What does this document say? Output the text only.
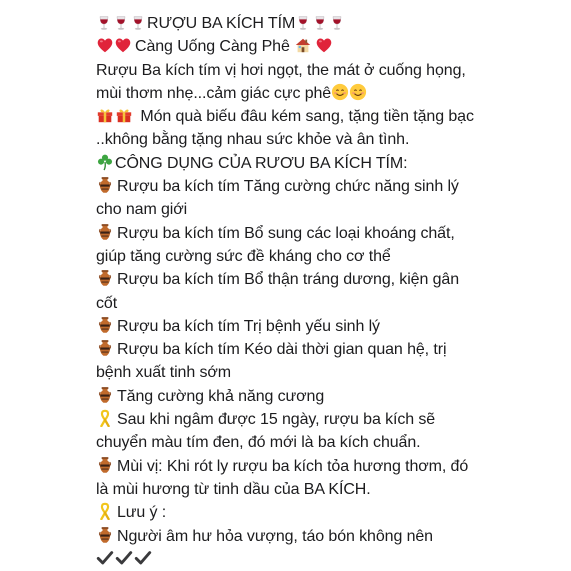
RƯỢU BA KÍCH TÍM
Càng Uống Càng Phê
Rượu Ba kích tím vị hơi ngọt, the mát ở cuống họng,
mùi thơm nhẹ...cảm giác cực phê
Món quà biếu đâu kém sang, tặng tiền tặng bạc
..không bằng tặng nhau sức khỏe và ân tình.
CÔNG DỤNG CỦA RƯƠU BA KÍCH TÍM:
Rượu ba kích tím Tăng cường chức năng sinh lý
cho nam giới
Rượu ba kích tím Bổ sung các loại khoáng chất,
giúp tăng cường sức đề kháng cho cơ thể
Rượu ba kích tím Bổ thận tráng dương, kiện gân
cốt
Rượu ba kích tím Trị bệnh yếu sinh lý
Rượu ba kích tím Kéo dài thời gian quan hệ, trị
bệnh xuất tinh sớm
Tăng cường khả năng cương
Sau khi ngâm được 15 ngày, rượu ba kích sẽ
chuyển màu tím đen, đó mới là ba kích chuẩn.
Mùi vị: Khi rót ly rượu ba kích tỏa hương thơm, đó
là mùi hương từ tinh dầu của BA KÍCH.
Lưu ý :
Người âm hư hỏa vượng, táo bón không nên
